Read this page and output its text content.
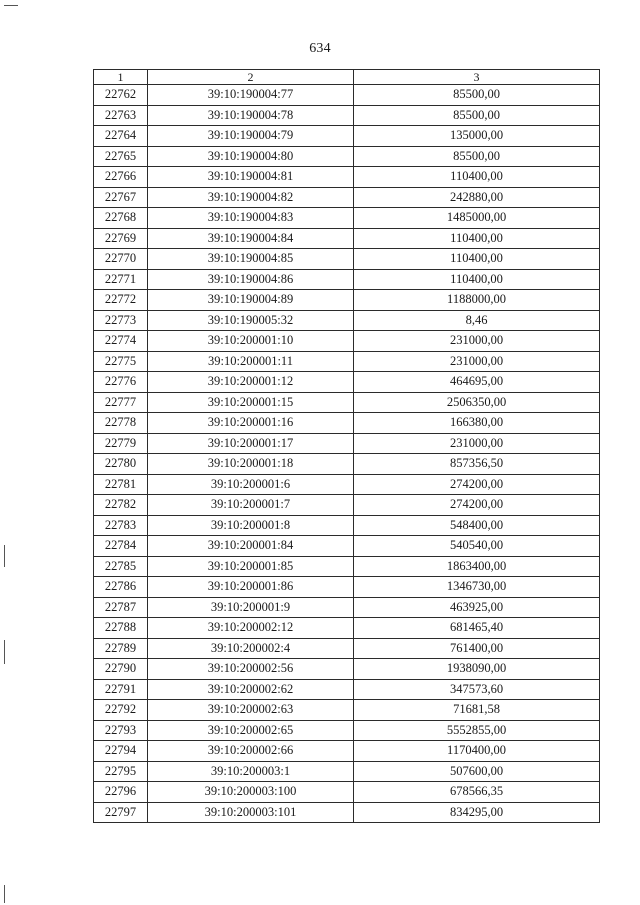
634
1	2	3
22762	39:10:190004:77	85500,00
22763	39:10:190004:78	85500,00
22764	39:10:190004:79	135000,00
22765	39:10:190004:80	85500,00
22766	39:10:190004:81	110400,00
22767	39:10:190004:82	242880,00
22768	39:10:190004:83	1485000,00
22769	39:10:190004:84	110400,00
22770	39:10:190004:85	110400,00
22771	39:10:190004:86	110400,00
22772	39:10:190004:89	1188000,00
22773	39:10:190005:32	8,46
22774	39:10:200001:10	231000,00
22775	39:10:200001:11	231000,00
22776	39:10:200001:12	464695,00
22777	39:10:200001:15	2506350,00
22778	39:10:200001:16	166380,00
22779	39:10:200001:17	231000,00
22780	39:10:200001:18	857356,50
22781	39:10:200001:6	274200,00
22782	39:10:200001:7	274200,00
22783	39:10:200001:8	548400,00
22784	39:10:200001:84	540540,00
22785	39:10:200001:85	1863400,00
22786	39:10:200001:86	1346730,00
22787	39:10:200001:9	463925,00
22788	39:10:200002:12	681465,40
22789	39:10:200002:4	761400,00
22790	39:10:200002:56	1938090,00
22791	39:10:200002:62	347573,60
22792	39:10:200002:63	71681,58
22793	39:10:200002:65	5552855,00
22794	39:10:200002:66	1170400,00
22795	39:10:200003:1	507600,00
22796	39:10:200003:100	678566,35
22797	39:10:200003:101	834295,00
